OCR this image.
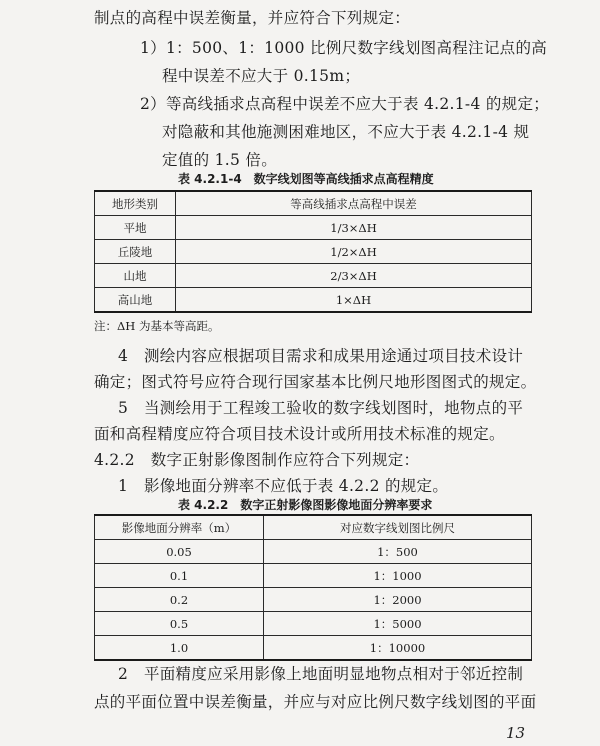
制点的高程中误差衡量，并应符合下列规定：
1）1：500、1：1000 比例尺数字线划图高程注记点的高
程中误差不应大于 0.15m；
2）等高线插求点高程中误差不应大于表 4.2.1-4 的规定；
对隐蔽和其他施测困难地区，不应大于表 4.2.1-4 规
定值的 1.5 倍。
表 4.2.1-4　数字线划图等高线插求点高程精度
地形类别	等高线插求点高程中误差
平地	1/3×ΔH
丘陵地	1/2×ΔH
山地	2/3×ΔH
高山地	1×ΔH
注：ΔH 为基本等高距。
4　测绘内容应根据项目需求和成果用途通过项目技术设计
确定；图式符号应符合现行国家基本比例尺地形图图式的规定。
5　当测绘用于工程竣工验收的数字线划图时，地物点的平
面和高程精度应符合项目技术设计或所用技术标准的规定。
4.2.2　数字正射影像图制作应符合下列规定：
1　影像地面分辨率不应低于表 4.2.2 的规定。
表 4.2.2　数字正射影像图影像地面分辨率要求
影像地面分辨率（m）	对应数字线划图比例尺
0.05	1：500
0.1	1：1000
0.2	1：2000
0.5	1：5000
1.0	1：10000
2　平面精度应采用影像上地面明显地物点相对于邻近控制
点的平面位置中误差衡量，并应与对应比例尺数字线划图的平面
13
